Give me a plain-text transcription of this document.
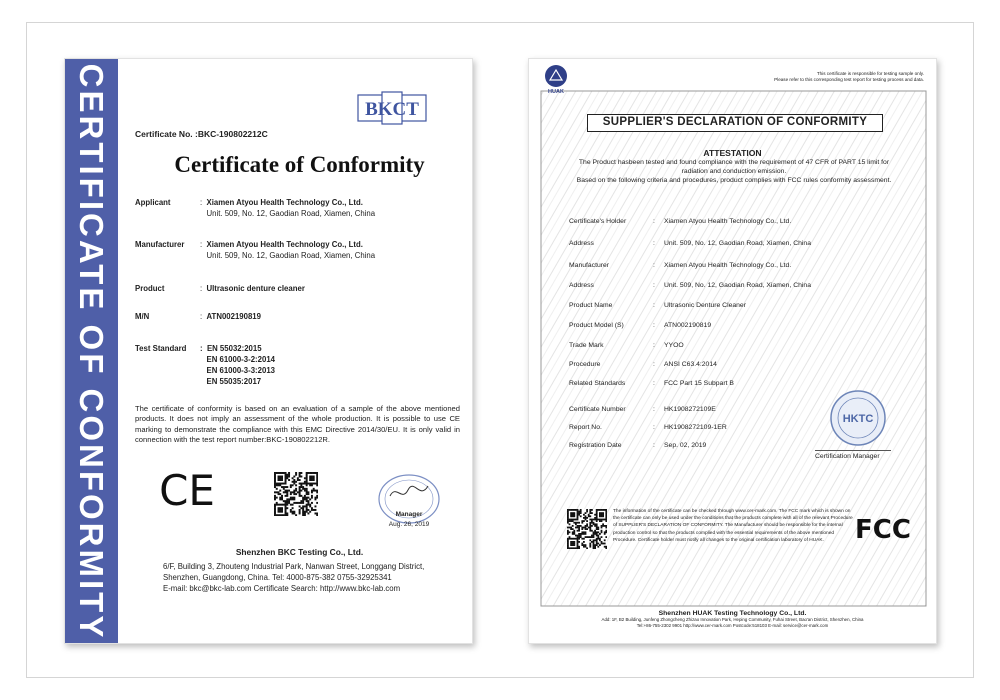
CERTIFICATE OF CONFORMITY	BKCT
Certificate No. :BKC-190802212C
Certificate of Conformity
Applicant	:  Xiamen Atyou Health Technology Co., Ltd.
Unit. 509, No. 12, Gaodian Road, Xiamen, China
Manufacturer	:  Xiamen Atyou Health Technology Co., Ltd.
Unit. 509, No. 12, Gaodian Road, Xiamen, China
Product	:  Ultrasonic denture cleaner
M/N	:  ATN002190819
Test Standard	:  EN 55032:2015
EN 61000-3-2:2014
EN 61000-3-3:2013
EN 55035:2017
The certificate of conformity is based on an evaluation of a sample of the above mentioned products. It does not imply an assessment of the whole production. It is possible to use CE marking to demonstrate the compliance with this EMC Directive 2014/30/EU. It is only valid in connection with the test report number:BKC-190802212R.
CE	Manager
Aug. 26, 2019
Shenzhen BKC Testing Co., Ltd.
6/F, Building 3, Zhouteng Industrial Park, Nanwan Street, Longgang District,
Shenzhen, Guangdong, China. Tel: 4000-875-382 0755-32925341
E-mail: bkc@bkc-lab.com Certificate Search: http://www.bkc-lab.com
HUAK
This certificate is responsible for testing sample only.
Please refer to this corresponding test report for testing process and data.
SUPPLIER'S DECLARATION OF CONFORMITY
ATTESTATION
The Product hasbeen tested and found compliance with the requirement of 47 CFR of PART 15 limit for radiation and conduction emission.
Based on the following criteria and procedures, product complies with FCC rules conformity assessment.
Certificate's Holder	: Xiamen Atyou Health Technology Co., Ltd.
Address	: Unit. 509, No. 12, Gaodian Road, Xiamen, China
Manufacturer	: Xiamen Atyou Health Technology Co., Ltd.
Address	: Unit. 509, No. 12, Gaodian Road, Xiamen, China
Product Name	: Ultrasonic Denture Cleaner
Product Model (S)	: ATN002190819
Trade Mark	: YYOO
Procedure	: ANSI C63.4:2014
Related Standards	: FCC Part 15 Subpart B
Certificate Number	: HK1908272109E
Report No.	: HK1908272109-1ER
Registration Date	: Sep. 02, 2019
HKTC
Certification Manager
The information of the certificate can be checked through www.cer-mark.com. The FCC mark which is shown on the certificate can only be used under the conditions that the products complete with all of the relevant Procedure of SUPPLIER'S DECLARATION OF CONFORMITY. The Manufacturer should be responsible for the internal production control so that the products complied with the essential requirements of the above mentioned Procedure. Certificate holder must notify all changes to the original certification laboratory of HUAK.	FCC
Shenzhen HUAK Testing Technology Co., Ltd.
Add: 1F, B2 Building, Junfeng Zhongcheng Zhizao Innovation Park, Heping Community, Fuhai Street, Bao'an District, Shenzhen, China
Tel:+86-755-2302 9901 http://www.cer-mark.com Postcode:518103 E-mail: service@cer-mark.com
